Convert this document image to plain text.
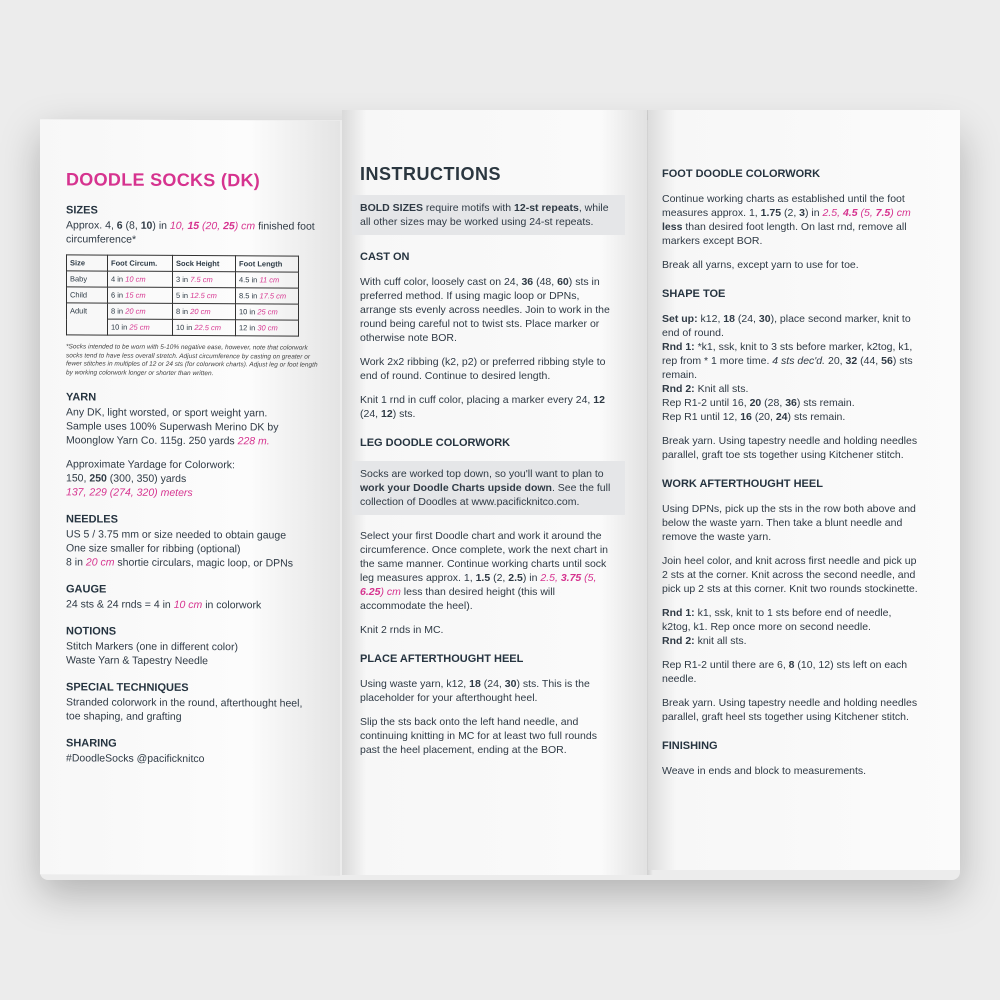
DOODLE SOCKS (DK)
SIZES
Approx. 4, 6 (8, 10) in 10, 15 (20, 25) cm finished foot circumference*
Size	Foot Circum.	Sock Height	Foot Length
Baby	4 in 10 cm	3 in 7.5 cm	4.5 in 11 cm
Child	6 in 15 cm	5 in 12.5 cm	8.5 in 17.5 cm
Adult	8 in 20 cm	8 in 20 cm	10 in 25 cm
	10 in 25 cm	10 in 22.5 cm	12 in 30 cm
*Socks intended to be worn with 5-10% negative ease, however, note that colorwork socks tend to have less overall stretch. Adjust circumference by casting on greater or fewer stitches in multiples of 12 or 24 sts (for colorwork charts). Adjust leg or foot length by working colorwork longer or shorter than written.
YARN
Any DK, light worsted, or sport weight yarn.
Sample uses 100% Superwash Merino DK by Moonglow Yarn Co. 115g. 250 yards 228 m.
Approximate Yardage for Colorwork:
150, 250 (300, 350) yards
137, 229 (274, 320) meters
NEEDLES
US 5 / 3.75 mm or size needed to obtain gauge
One size smaller for ribbing (optional)
8 in 20 cm shortie circulars, magic loop, or DPNs
GAUGE
24 sts & 24 rnds = 4 in 10 cm in colorwork
NOTIONS
Stitch Markers (one in different color)
Waste Yarn & Tapestry Needle
SPECIAL TECHNIQUES
Stranded colorwork in the round, afterthought heel, toe shaping, and grafting
SHARING
#DoodleSocks @pacificknitco
INSTRUCTIONS
BOLD SIZES require motifs with 12-st repeats, while all other sizes may be worked using 24-st repeats.
CAST ON

With cuff color, loosely cast on 24, 36 (48, 60) sts in preferred method. If using magic loop or DPNs, arrange sts evenly across needles. Join to work in the round being careful not to twist sts. Place marker or otherwise note BOR.

Work 2x2 ribbing (k2, p2) or preferred ribbing style to end of round. Continue to desired length.

Knit 1 rnd in cuff color, placing a marker every 24, 12 (24, 12) sts.

LEG DOODLE COLORWORK
Socks are worked top down, so you'll want to plan to work your Doodle Charts upside down. See the full collection of Doodles at www.pacificknitco.com.

Select your first Doodle chart and work it around the circumference. Once complete, work the next chart in the same manner. Continue working charts until sock leg measures approx. 1, 1.5 (2, 2.5) in 2.5, 3.75 (5, 6.25) cm less than desired height (this will accommodate the heel).

Knit 2 rnds in MC.

PLACE AFTERTHOUGHT HEEL

Using waste yarn, k12, 18 (24, 30) sts. This is the placeholder for your afterthought heel.

Slip the sts back onto the left hand needle, and continuing knitting in MC for at least two full rounds past the heel placement, ending at the BOR.

FOOT DOODLE COLORWORK

Continue working charts as established until the foot measures approx. 1, 1.75 (2, 3) in 2.5, 4.5 (5, 7.5) cm less than desired foot length. On last rnd, remove all markers except BOR.

Break all yarns, except yarn to use for toe.

SHAPE TOE
Set up: k12, 18 (24, 30), place second marker, knit to end of round.
Rnd 1: *k1, ssk, knit to 3 sts before marker, k2tog, k1, rep from * 1 more time. 4 sts dec'd. 20, 32 (44, 56) sts remain.
Rnd 2: Knit all sts.
Rep R1-2 until 16, 20 (28, 36) sts remain.
Rep R1 until 12, 16 (20, 24) sts remain.

Break yarn. Using tapestry needle and holding needles parallel, graft toe sts together using Kitchener stitch.

WORK AFTERTHOUGHT HEEL

Using DPNs, pick up the sts in the row both above and below the waste yarn. Then take a blunt needle and remove the waste yarn.

Join heel color, and knit across first needle and pick up 2 sts at the corner. Knit across the second needle, and pick up 2 sts at this corner. Knit two rounds stockinette.

Rnd 1: k1, ssk, knit to 1 sts before end of needle, k2tog, k1. Rep once more on second needle.
Rnd 2: knit all sts.

Rep R1-2 until there are 6, 8 (10, 12) sts left on each needle.

Break yarn. Using tapestry needle and holding needles parallel, graft heel sts together using Kitchener stitch.

FINISHING

Weave in ends and block to measurements.
